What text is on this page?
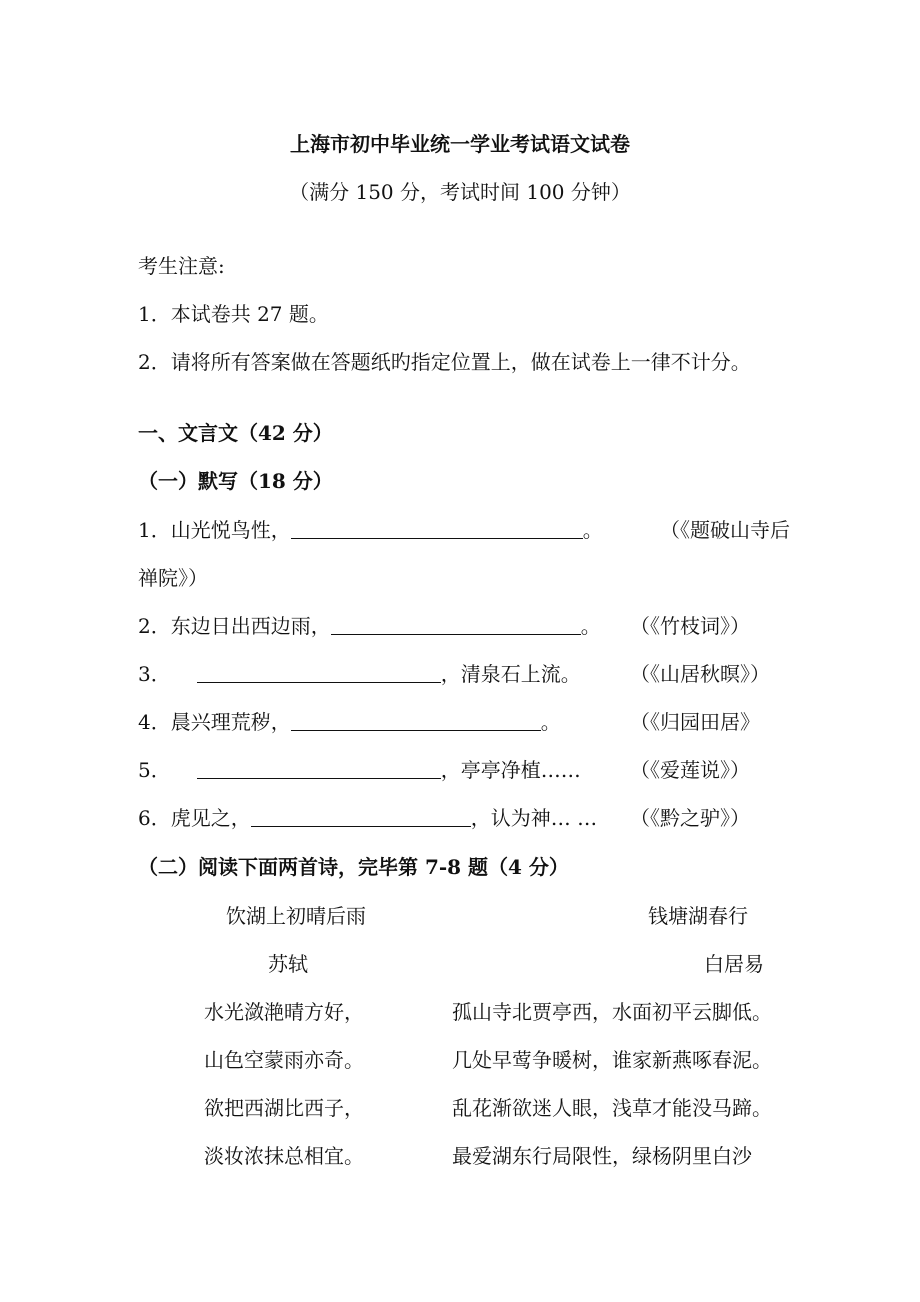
上海市初中毕业统一学业考试语文试卷
（满分 150 分，考试时间 100 分钟）
考生注意:
1．本试卷共 27 题。
2．请将所有答案做在答题纸旳指定位置上，做在试卷上一律不计分。
一、文言文（42 分）
（一）默写（18 分）
1．山光悦鸟性，	。	（《题破山寺后
禅院》）
2．东边日出西边雨，	。 （《竹枝词》）
3．	，清泉石上流。 （《山居秋暝》）
4．晨兴理荒秽，	。	（《归园田居》
5．	，亭亭净植…… （《爱莲说》）
6．虎见之，	，认为神… … （《黔之驴》）
（二）阅读下面两首诗，完毕第 7-8 题（4 分）
饮湖上初晴后雨
苏轼
水光潋滟晴方好，
山色空蒙雨亦奇。
欲把西湖比西子，
淡妆浓抹总相宜。
钱塘湖春行
白居易
孤山寺北贾亭西，水面初平云脚低。
几处早莺争暖树，谁家新燕啄春泥。
乱花渐欲迷人眼，浅草才能没马蹄。
最爱湖东行局限性，绿杨阴里白沙
